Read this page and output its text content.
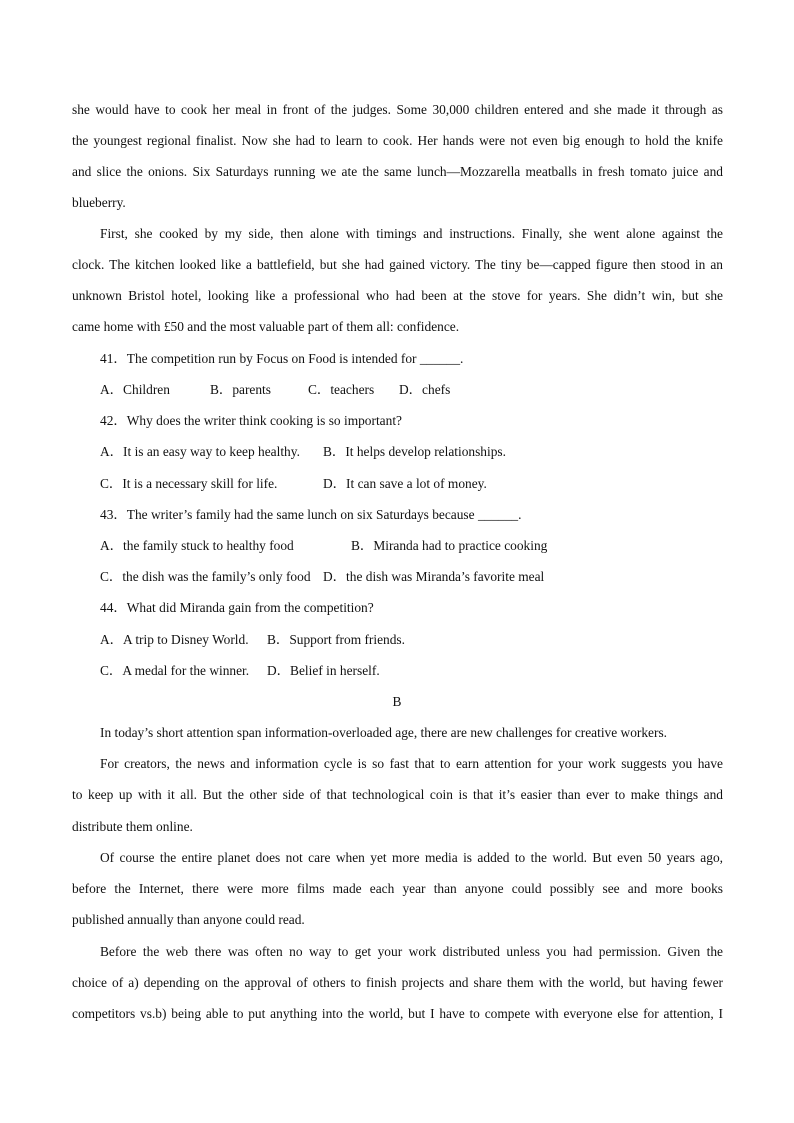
she would have to cook her meal in front of the judges. Some 30,000 children entered and she made it through as
the youngest regional finalist. Now she had to learn to cook. Her hands were not even big enough to hold the knife
and slice the onions. Six Saturdays running we ate the same lunch—Mozzarella meatballs in fresh tomato juice and
blueberry.
First, she cooked by my side, then alone with timings and instructions. Finally, she went alone against the
clock. The kitchen looked like a battlefield, but she had gained victory. The tiny be—capped figure then stood in an
unknown Bristol hotel, looking like a professional who had been at the stove for years. She didn’t win, but she
came home with £50 and the most valuable part of them all: confidence.
41．The competition run by Focus on Food is intended for ______.
A．Children	B．parents	C．teachers D．chefs
42．Why does the writer think cooking is so important?
A．It is an easy way to keep healthy. B．It helps develop relationships.
C．It is a necessary skill for life.	D．It can save a lot of money.
43．The writer’s family had the same lunch on six Saturdays because ______.
A．the family stuck to healthy food	B．Miranda had to practice cooking
C．the dish was the family’s only food D．the dish was Miranda’s favorite meal
44．What did Miranda gain from the competition?
A．A trip to Disney World. B．Support from friends.
C．A medal for the winner. D．Belief in herself.
B
In today’s short attention span information-overloaded age, there are new challenges for creative workers.
For creators, the news and information cycle is so fast that to earn attention for your work suggests you have
to keep up with it all. But the other side of that technological coin is that it’s easier than ever to make things and
distribute them online.
Of course the entire planet does not care when yet more media is added to the world. But even 50 years ago,
before the Internet, there were more films made each year than anyone could possibly see and more books
published annually than anyone could read.
Before the web there was often no way to get your work distributed unless you had permission. Given the
choice of a) depending on the approval of others to finish projects and share them with the world, but having fewer
competitors vs.b) being able to put anything into the world, but I have to compete with everyone else for attention, I
